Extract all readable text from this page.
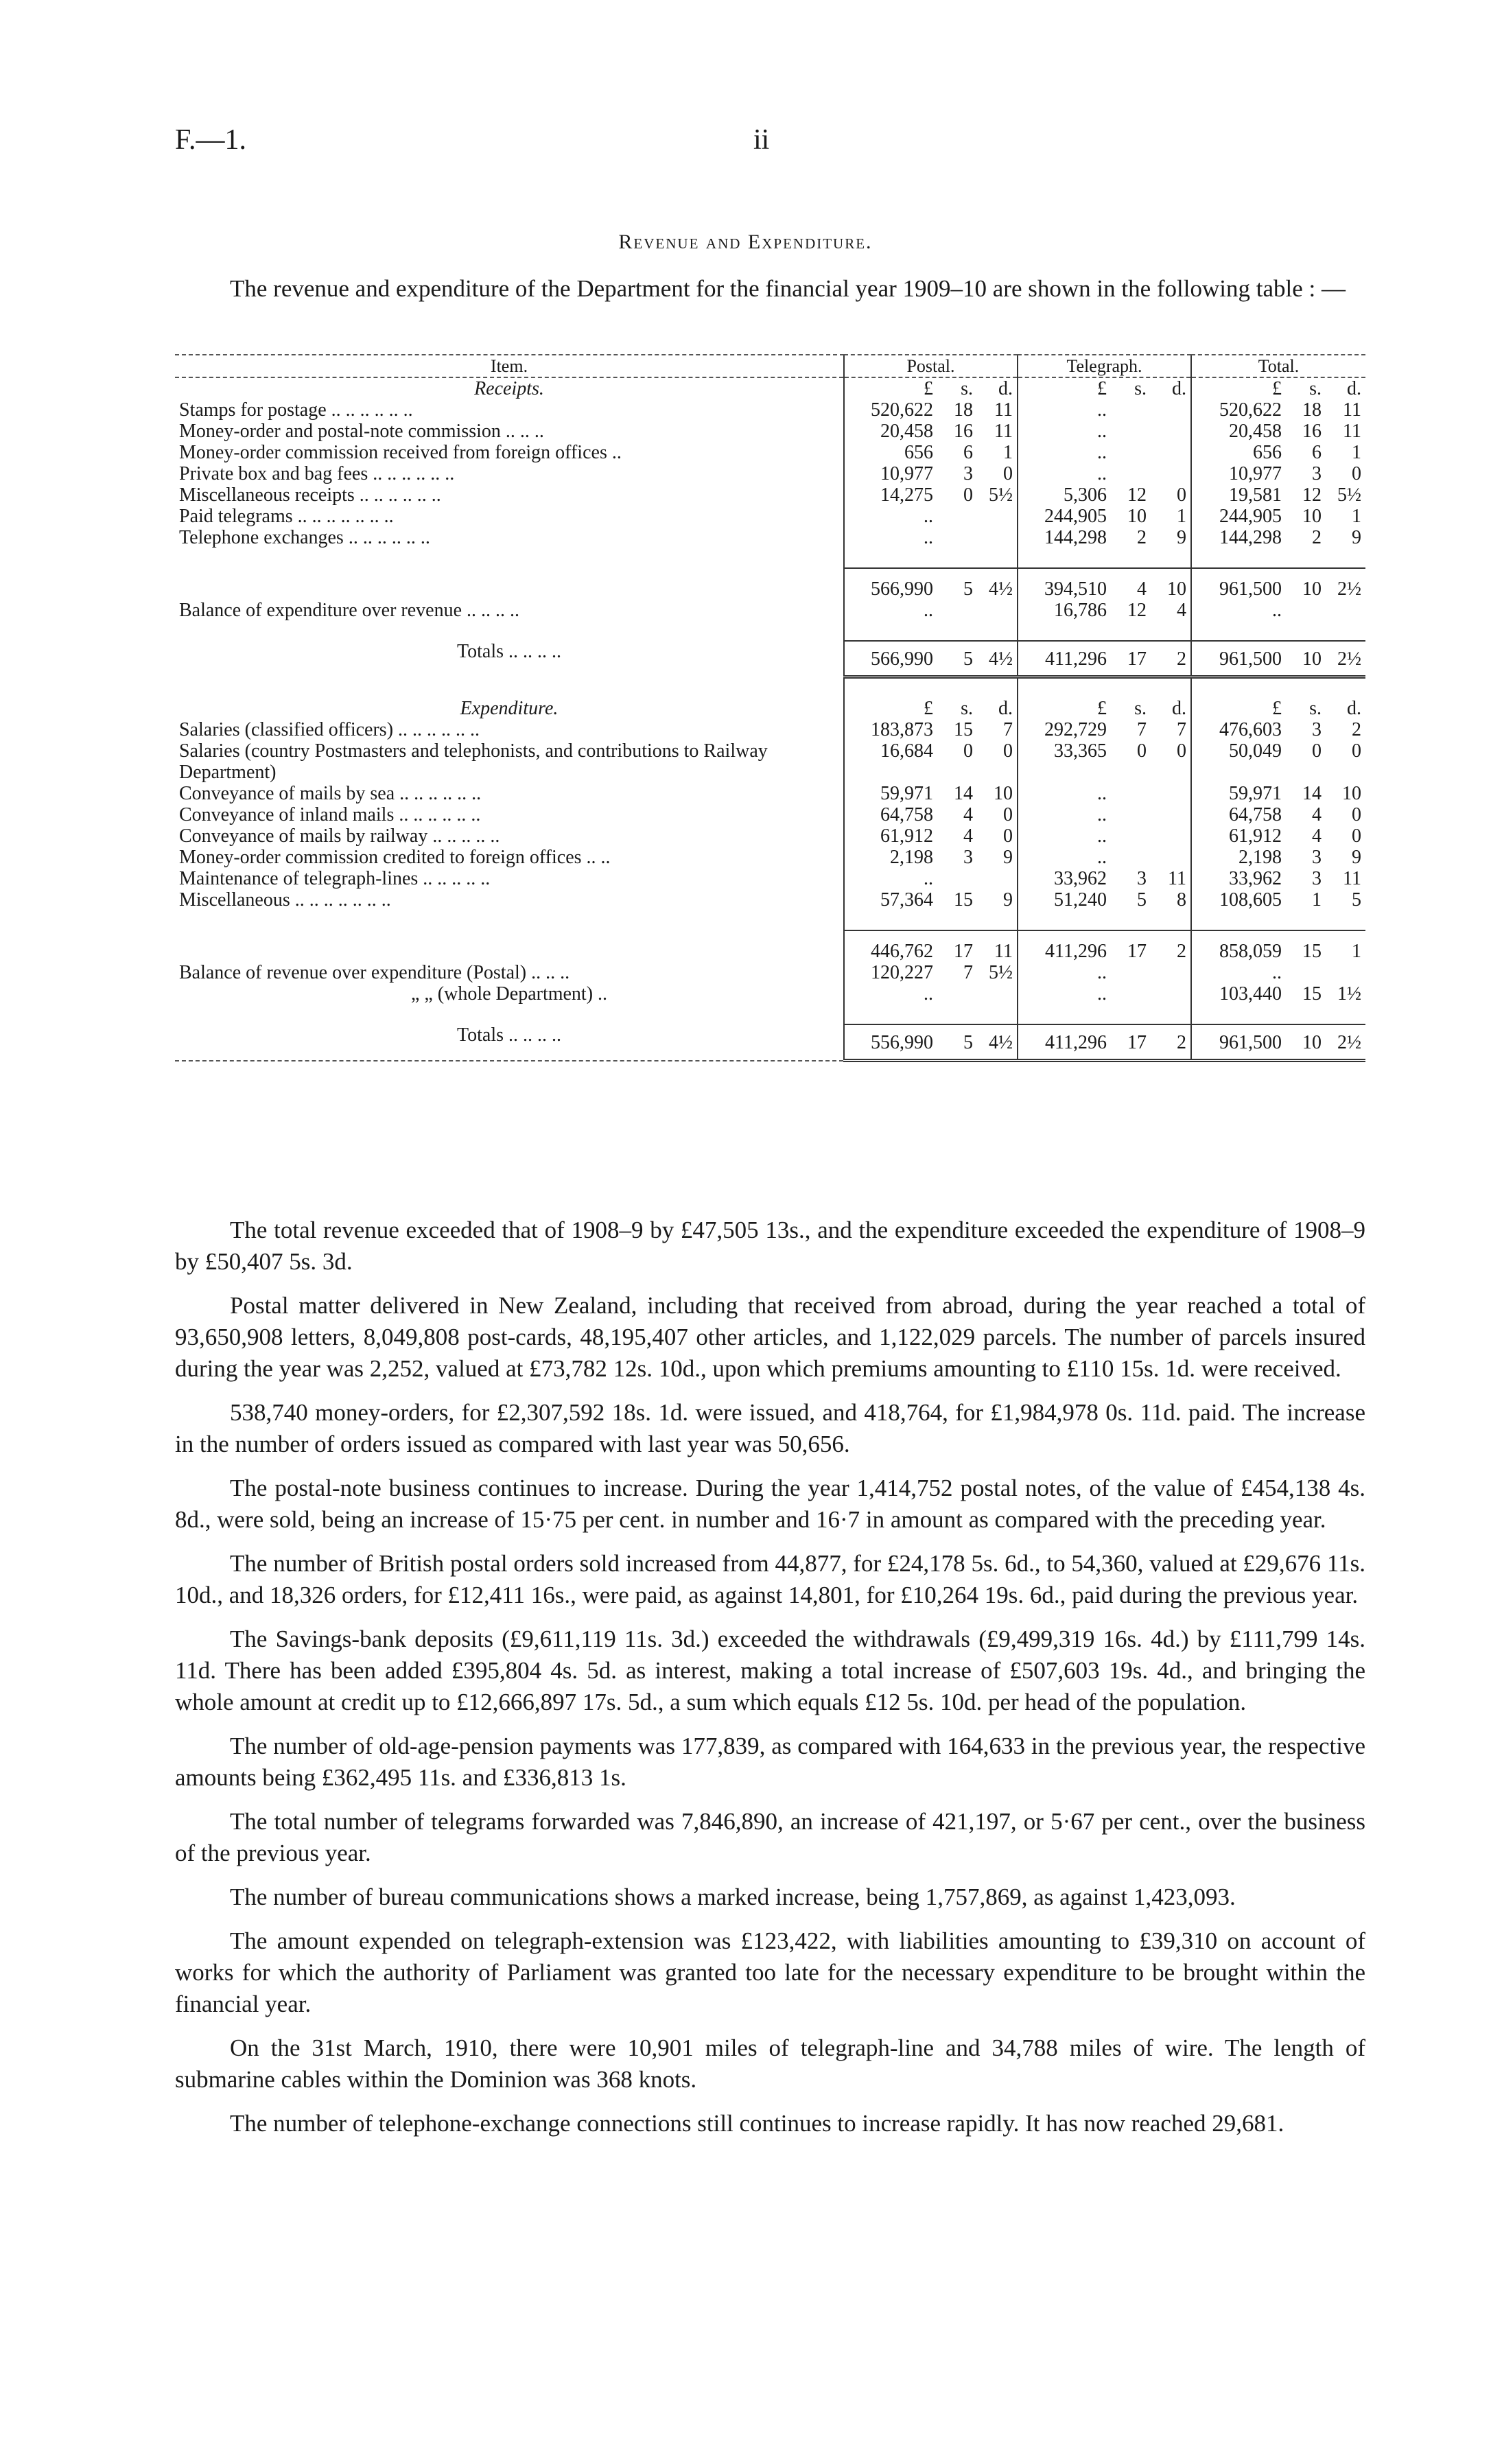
F.—1.	ii
Revenue and Expenditure.
The revenue and expenditure of the Department for the financial year 1909–10 are shown in the following table : —

Item.	Postal.	Telegraph.	Total.
Receipts.	£ s. d.	£ s. d.	£ s. d.

Stamps for postage .. .. .. .. .. ..	520,622 18 11	..	520,622 18 11

Money-order and postal-note commission .. .. ..	20,458 16 11	..	20,458 16 11

Money-order commission received from foreign offices ..	656 6 1	..	656 6 1

Private box and bag fees .. .. .. .. .. ..	10,977 3 0	..	10,977 3 0

Miscellaneous receipts .. .. .. .. .. ..	14,275 0 5½	5,306 12 0	19,581 12 5½

Paid telegrams .. .. .. .. .. .. ..	..	244,905 10 1	244,905 10 1

Telephone exchanges .. .. .. .. .. ..	..	144,298 2 9	144,298 2 9

	566,990 5 4½	394,510 4 10	961,500 10 2½

Balance of expenditure over revenue .. .. .. ..	..	16,786 12 4	..

Totals .. .. .. ..	566,990 5 4½	411,296 17 2	961,500 10 2½

Expenditure.	£ s. d.	£ s. d.	£ s. d.

Salaries (classified officers) .. .. .. .. .. ..	183,873 15 7	292,729 7 7	476,603 3 2

Salaries (country Postmasters and telephonists, and contributions to Railway Department)	16,684 0 0	33,365 0 0	50,049 0 0

Conveyance of mails by sea .. .. .. .. .. ..	59,971 14 10	..	59,971 14 10

Conveyance of inland mails .. .. .. .. .. ..	64,758 4 0	..	64,758 4 0

Conveyance of mails by railway .. .. .. .. ..	61,912 4 0	..	61,912 4 0

Money-order commission credited to foreign offices .. ..	2,198 3 9	..	2,198 3 9

Maintenance of telegraph-lines .. .. .. .. ..	..	33,962 3 11	33,962 3 11

Miscellaneous .. .. .. .. .. .. ..	57,364 15 9	51,240 5 8	108,605 1 5

	446,762 17 11	411,296 17 2	858,059 15 1

Balance of revenue over expenditure (Postal) .. .. ..	120,227 7 5½	..	..

„ „ (whole Department) ..	..	..	103,440 15 1½

Totals .. .. .. ..	556,990 5 4½	411,296 17 2	961,500 10 2½

The total revenue exceeded that of 1908–9 by £47,505 13s., and the expenditure exceeded the expenditure of 1908–9 by £50,407 5s. 3d.

Postal matter delivered in New Zealand, including that received from abroad, during the year reached a total of 93,650,908 letters, 8,049,808 post-cards, 48,195,407 other articles, and 1,122,029 parcels. The number of parcels insured during the year was 2,252, valued at £73,782 12s. 10d., upon which premiums amounting to £110 15s. 1d. were received.

538,740 money-orders, for £2,307,592 18s. 1d. were issued, and 418,764, for £1,984,978 0s. 11d. paid. The increase in the number of orders issued as compared with last year was 50,656.

The postal-note business continues to increase. During the year 1,414,752 postal notes, of the value of £454,138 4s. 8d., were sold, being an increase of 15·75 per cent. in number and 16·7 in amount as compared with the preceding year.

The number of British postal orders sold increased from 44,877, for £24,178 5s. 6d., to 54,360, valued at £29,676 11s. 10d., and 18,326 orders, for £12,411 16s., were paid, as against 14,801, for £10,264 19s. 6d., paid during the previous year.

The Savings-bank deposits (£9,611,119 11s. 3d.) exceeded the withdrawals (£9,499,319 16s. 4d.) by £111,799 14s. 11d. There has been added £395,804 4s. 5d. as interest, making a total increase of £507,603 19s. 4d., and bringing the whole amount at credit up to £12,666,897 17s. 5d., a sum which equals £12 5s. 10d. per head of the population.

The number of old-age-pension payments was 177,839, as compared with 164,633 in the previous year, the respective amounts being £362,495 11s. and £336,813 1s.

The total number of telegrams forwarded was 7,846,890, an increase of 421,197, or 5·67 per cent., over the business of the previous year.

The number of bureau communications shows a marked increase, being 1,757,869, as against 1,423,093.

The amount expended on telegraph-extension was £123,422, with liabilities amounting to £39,310 on account of works for which the authority of Parliament was granted too late for the necessary expenditure to be brought within the financial year.

On the 31st March, 1910, there were 10,901 miles of telegraph-line and 34,788 miles of wire. The length of submarine cables within the Dominion was 368 knots.

The number of telephone-exchange connections still continues to increase rapidly. It has now reached 29,681.
